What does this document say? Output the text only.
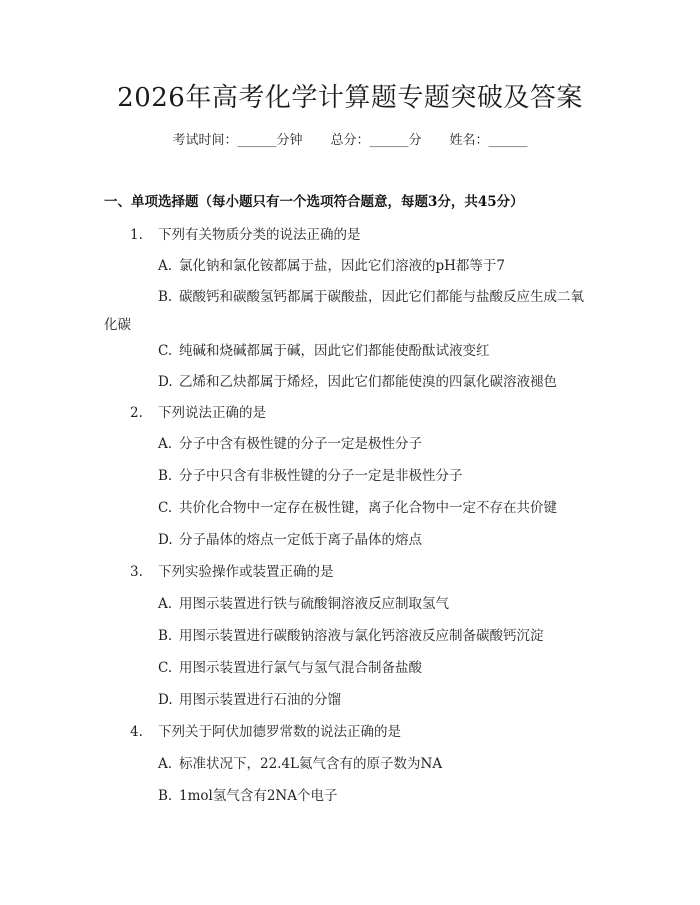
2026年高考化学计算题专题突破及答案
考试时间：______分钟 总分：______分 姓名：______
一、单项选择题（每小题只有一个选项符合题意，每题3分，共45分）
1. 下列有关物质分类的说法正确的是
A. 氯化钠和氯化铵都属于盐，因此它们溶液的pH都等于7
B. 碳酸钙和碳酸氢钙都属于碳酸盐，因此它们都能与盐酸反应生成二氧
化碳
C. 纯碱和烧碱都属于碱，因此它们都能使酚酞试液变红
D. 乙烯和乙炔都属于烯烃，因此它们都能使溴的四氯化碳溶液褪色
2. 下列说法正确的是
A. 分子中含有极性键的分子一定是极性分子
B. 分子中只含有非极性键的分子一定是非极性分子
C. 共价化合物中一定存在极性键，离子化合物中一定不存在共价键
D. 分子晶体的熔点一定低于离子晶体的熔点
3. 下列实验操作或装置正确的是
A. 用图示装置进行铁与硫酸铜溶液反应制取氢气
B. 用图示装置进行碳酸钠溶液与氯化钙溶液反应制备碳酸钙沉淀
C. 用图示装置进行氯气与氢气混合制备盐酸
D. 用图示装置进行石油的分馏
4. 下列关于阿伏加德罗常数的说法正确的是
A. 标准状况下，22.4L氦气含有的原子数为NA
B. 1mol氢气含有2NA个电子
